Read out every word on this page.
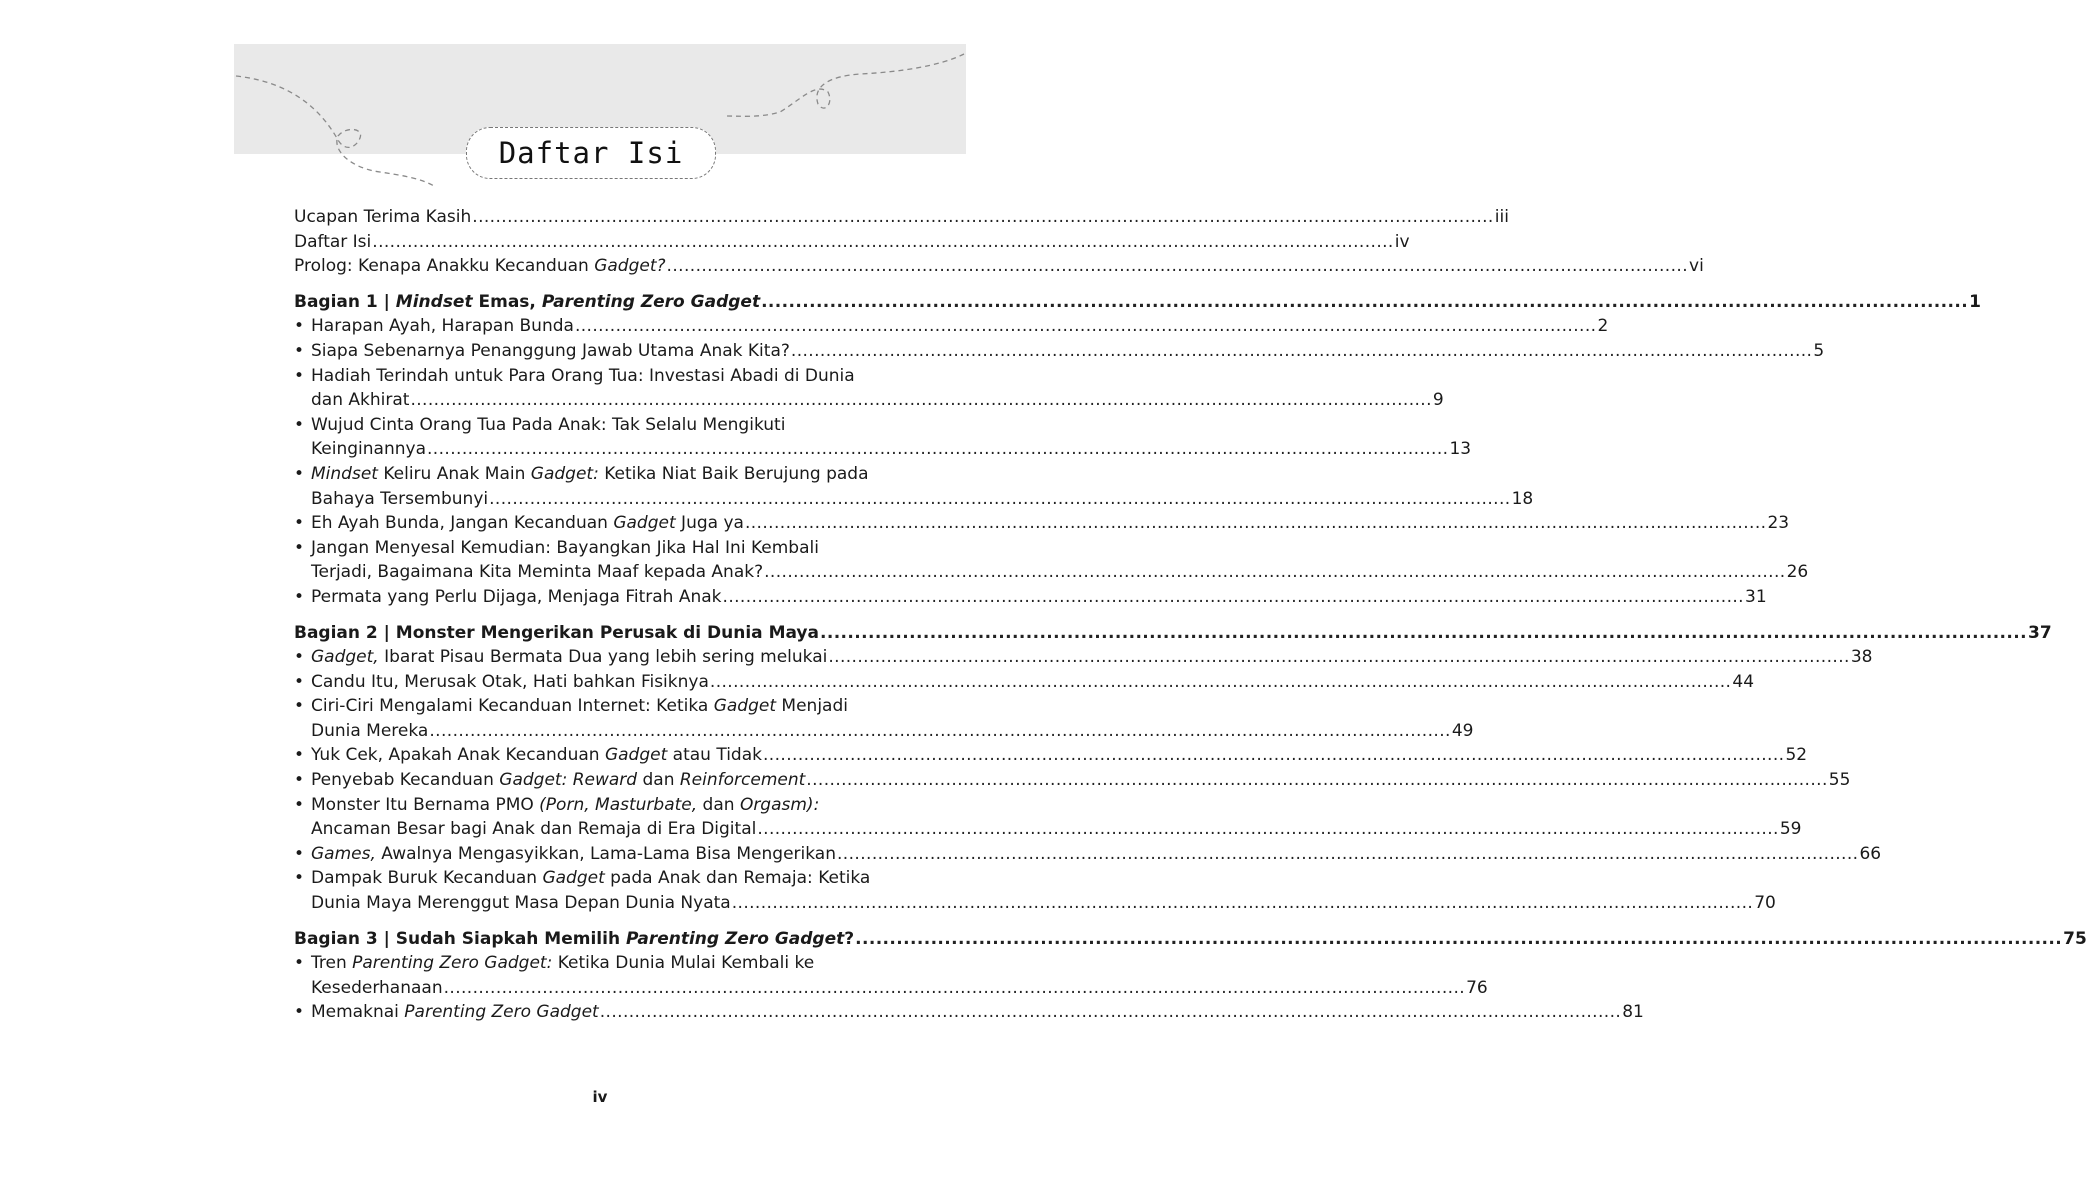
Daftar Isi
Ucapan Terima Kasih .....	iii
Daftar Isi .....	iv
Prolog: Kenapa Anakku Kecanduan Gadget? .....	vi
Bagian 1 | Mindset Emas, Parenting Zero Gadget .....	1
• Harapan Ayah, Harapan Bunda .....	2
• Siapa Sebenarnya Penanggung Jawab Utama Anak Kita? .....	5
• Hadiah Terindah untuk Para Orang Tua: Investasi Abadi di Dunia
dan Akhirat .....	9
• Wujud Cinta Orang Tua Pada Anak: Tak Selalu Mengikuti
Keinginannya .....	13
• Mindset Keliru Anak Main Gadget: Ketika Niat Baik Berujung pada
Bahaya Tersembunyi .....	18
• Eh Ayah Bunda, Jangan Kecanduan Gadget Juga ya .....	23
• Jangan Menyesal Kemudian: Bayangkan Jika Hal Ini Kembali
Terjadi, Bagaimana Kita Meminta Maaf kepada Anak? .....	26
• Permata yang Perlu Dijaga, Menjaga Fitrah Anak .....	31
Bagian 2 | Monster Mengerikan Perusak di Dunia Maya .....	37
• Gadget, Ibarat Pisau Bermata Dua yang lebih sering melukai .....	38
• Candu Itu, Merusak Otak, Hati bahkan Fisiknya .....	44
• Ciri-Ciri Mengalami Kecanduan Internet: Ketika Gadget Menjadi
Dunia Mereka .....	49
• Yuk Cek, Apakah Anak Kecanduan Gadget atau Tidak .....	52
• Penyebab Kecanduan Gadget: Reward dan Reinforcement .....	55
• Monster Itu Bernama PMO (Porn, Masturbate, dan Orgasm):
Ancaman Besar bagi Anak dan Remaja di Era Digital .....	59
• Games, Awalnya Mengasyikkan, Lama-Lama Bisa Mengerikan .....	66
• Dampak Buruk Kecanduan Gadget pada Anak dan Remaja: Ketika
Dunia Maya Merenggut Masa Depan Dunia Nyata .....	70
Bagian 3 | Sudah Siapkah Memilih Parenting Zero Gadget? .....	75
• Tren Parenting Zero Gadget: Ketika Dunia Mulai Kembali ke
Kesederhanaan .....	76
• Memaknai Parenting Zero Gadget .....	81
iv
